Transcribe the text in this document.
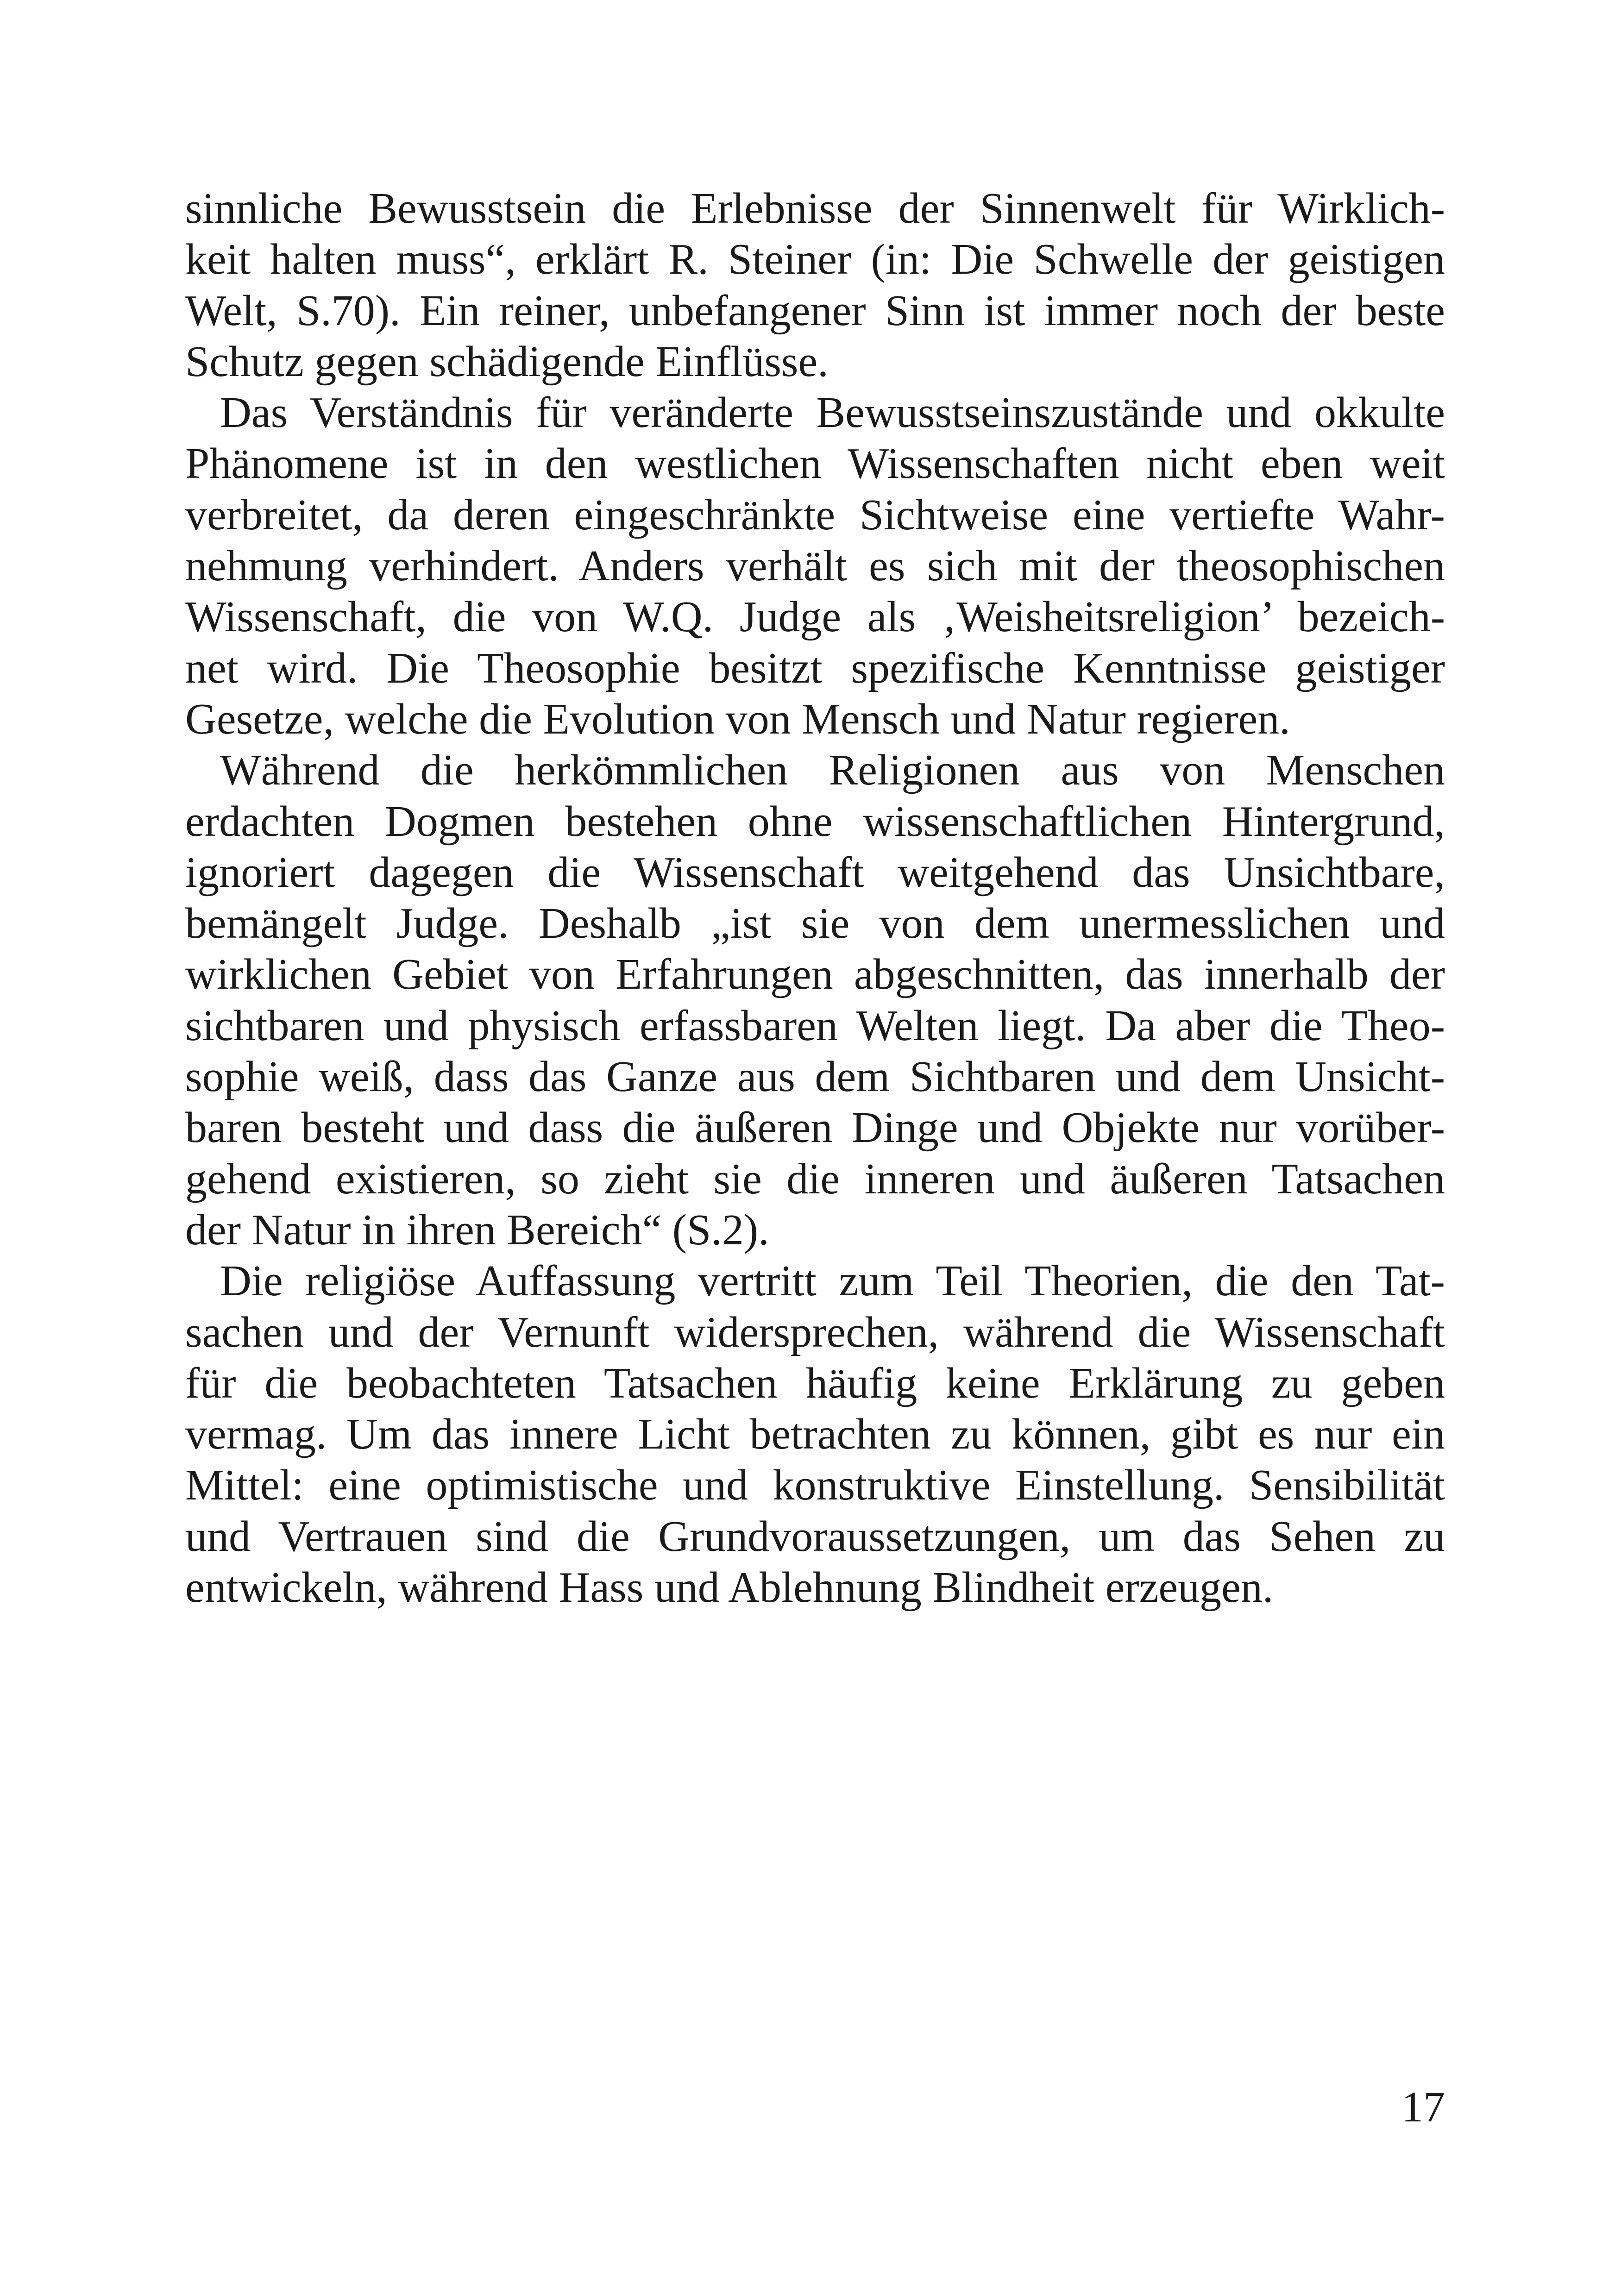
sinnliche Bewusstsein die Erlebnisse der Sinnenwelt für Wirklich-
keit halten muss“, erklärt R. Steiner (in: Die Schwelle der geistigen
Welt, S.70). Ein reiner, unbefangener Sinn ist immer noch der beste
Schutz gegen schädigende Einflüsse.
Das Verständnis für veränderte Bewusstseinszustände und okkulte
Phänomene ist in den westlichen Wissenschaften nicht eben weit
verbreitet, da deren eingeschränkte Sichtweise eine vertiefte Wahr-
nehmung verhindert. Anders verhält es sich mit der theosophischen
Wissenschaft, die von W.Q. Judge als ‚Weisheitsreligion’ bezeich-
net wird. Die Theosophie besitzt spezifische Kenntnisse geistiger
Gesetze, welche die Evolution von Mensch und Natur regieren.
Während die herkömmlichen Religionen aus von Menschen
erdachten Dogmen bestehen ohne wissenschaftlichen Hintergrund,
ignoriert dagegen die Wissenschaft weitgehend das Unsichtbare,
bemängelt Judge. Deshalb „ist sie von dem unermesslichen und
wirklichen Gebiet von Erfahrungen abgeschnitten, das innerhalb der
sichtbaren und physisch erfassbaren Welten liegt. Da aber die Theo-
sophie weiß, dass das Ganze aus dem Sichtbaren und dem Unsicht-
baren besteht und dass die äußeren Dinge und Objekte nur vorüber-
gehend existieren, so zieht sie die inneren und äußeren Tatsachen
der Natur in ihren Bereich“ (S.2).
Die religiöse Auffassung vertritt zum Teil Theorien, die den Tat-
sachen und der Vernunft widersprechen, während die Wissenschaft
für die beobachteten Tatsachen häufig keine Erklärung zu geben
vermag. Um das innere Licht betrachten zu können, gibt es nur ein
Mittel: eine optimistische und konstruktive Einstellung. Sensibilität
und Vertrauen sind die Grundvoraussetzungen, um das Sehen zu
entwickeln, während Hass und Ablehnung Blindheit erzeugen.
17
